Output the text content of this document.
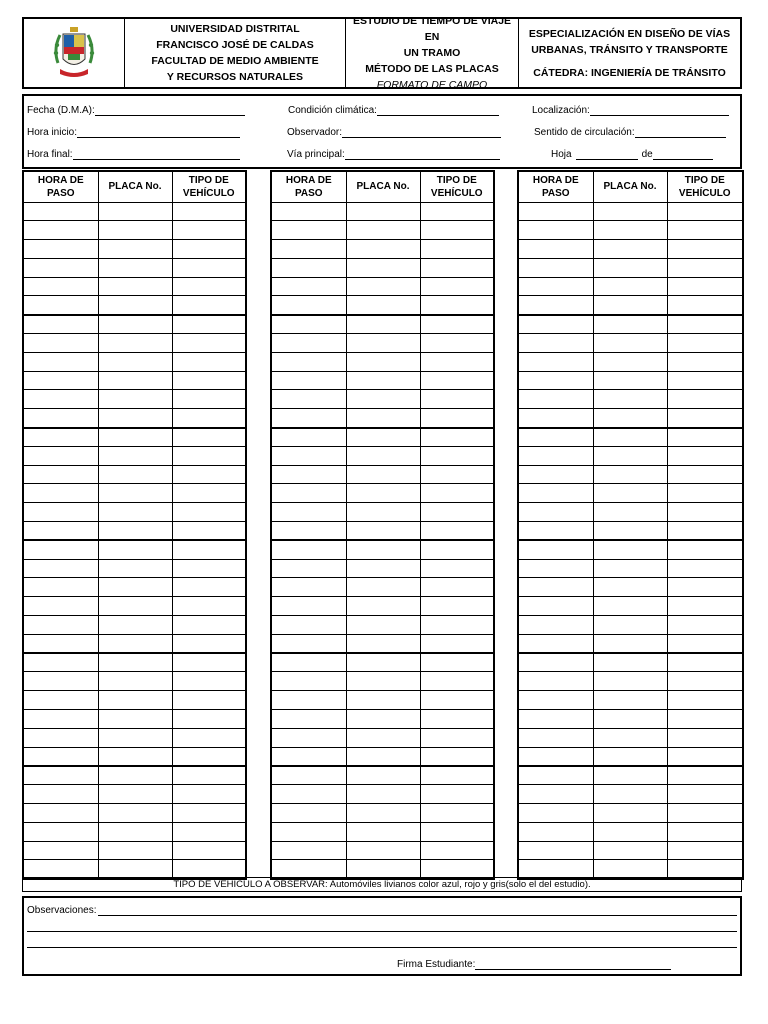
UNIVERSIDAD DISTRITAL
FRANCISCO JOSÉ DE CALDAS
FACULTAD DE MEDIO AMBIENTE
Y RECURSOS NATURALES
ESTUDIO DE TIEMPO DE VIAJE EN
UN TRAMO
MÉTODO DE LAS PLACAS
FORMATO DE CAMPO
ESPECIALIZACIÓN EN DISEÑO DE VÍAS
URBANAS, TRÁNSITO Y TRANSPORTE
CÁTEDRA: INGENIERÍA DE TRÁNSITO
Fecha (D.M.A):
Hora inicio:
Hora final:
Condición climática:
Observador:
Vía principal:
Localización:
Sentido de circulación:
Hoja	de
HORA DE
PASO	PLACA No.	TIPO DE
VEHÍCULO

HORA DE
PASO	PLACA No.	TIPO DE
VEHÍCULO

HORA DE
PASO	PLACA No.	TIPO DE
VEHÍCULO

TIPO DE VEHÍCULO A OBSERVAR: Automóviles livianos color azul, rojo y gris(solo el del estudio).
Observaciones:
Firma Estudiante:
